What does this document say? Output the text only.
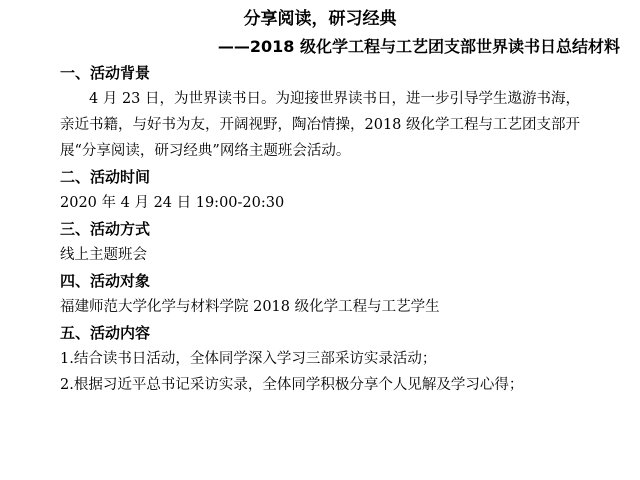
分享阅读，研习经典

——2018 级化学工程与工艺团支部世界读书日总结材料

一、活动背景

4 月 23 日，为世界读书日。为迎接世界读书日，进一步引导学生遨游书海，亲近书籍，与好书为友，开阔视野，陶冶情操，2018 级化学工程与工艺团支部开展“分享阅读，研习经典”网络主题班会活动。

二、活动时间

2020 年 4 月 24 日 19:00-20:30

三、活动方式

线上主题班会

四、活动对象

福建师范大学化学与材料学院 2018 级化学工程与工艺学生

五、活动内容

1.结合读书日活动，全体同学深入学习三部采访实录活动；

2.根据习近平总书记采访实录，全体同学积极分享个人见解及学习心得；
